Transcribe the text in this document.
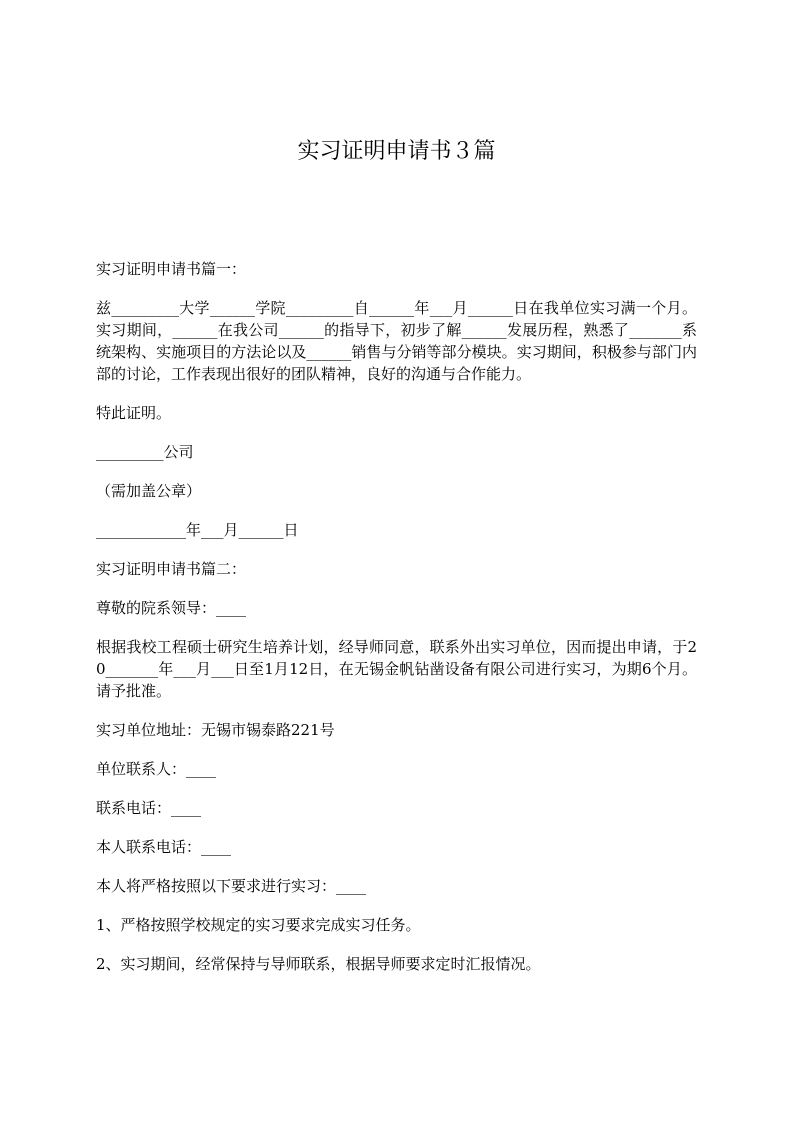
实习证明申请书３篇

实习证明申请书篇一：

兹_________大学______学院_________自______年___月______日在我单位实习满一个月。实习期间，______在我公司______的指导下，初步了解______发展历程，熟悉了_______系统架构、实施项目的方法论以及______销售与分销等部分模块。实习期间，积极参与部门内部的讨论，工作表现出很好的团队精神，良好的沟通与合作能力。

特此证明。

_________公司

（需加盖公章）

____________年___月______日

实习证明申请书篇二：

尊敬的院系领导：____

根据我校工程硕士研究生培养计划，经导师同意，联系外出实习单位，因而提出申请，于20_______年___月___日至1月12日，在无锡金帆钻凿设备有限公司进行实习，为期6个月。请予批准。

实习单位地址：无锡市锡泰路221号

单位联系人：____

联系电话：____

本人联系电话：____

本人将严格按照以下要求进行实习：____

1、严格按照学校规定的实习要求完成实习任务。

2、实习期间，经常保持与导师联系，根据导师要求定时汇报情况。
